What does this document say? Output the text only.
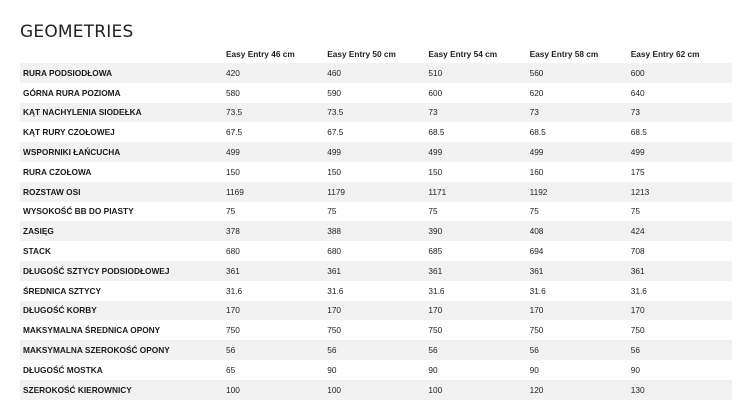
GEOMETRIES
	Easy Entry 46 cm	Easy Entry 50 cm	Easy Entry 54 cm	Easy Entry 58 cm	Easy Entry 62 cm
RURA PODSIODŁOWA	420	460	510	560	600
GÓRNA RURA POZIOMA	580	590	600	620	640
KĄT NACHYLENIA SIODEŁKA	73.5	73.5	73	73	73
KĄT RURY CZOŁOWEJ	67.5	67.5	68.5	68.5	68.5
WSPORNIKI ŁAŃCUCHA	499	499	499	499	499
RURA CZOŁOWA	150	150	150	160	175
ROZSTAW OSI	1169	1179	1171	1192	1213
WYSOKOŚĆ BB DO PIASTY	75	75	75	75	75
ZASIĘG	378	388	390	408	424
STACK	680	680	685	694	708
DŁUGOŚĆ SZTYCY PODSIODŁOWEJ	361	361	361	361	361
ŚREDNICA SZTYCY	31.6	31.6	31.6	31.6	31.6
DŁUGOŚĆ KORBY	170	170	170	170	170
MAKSYMALNA ŚREDNICA OPONY	750	750	750	750	750
MAKSYMALNA SZEROKOŚĆ OPONY	56	56	56	56	56
DŁUGOŚĆ MOSTKA	65	90	90	90	90
SZEROKOŚĆ KIEROWNICY	100	100	100	120	130
